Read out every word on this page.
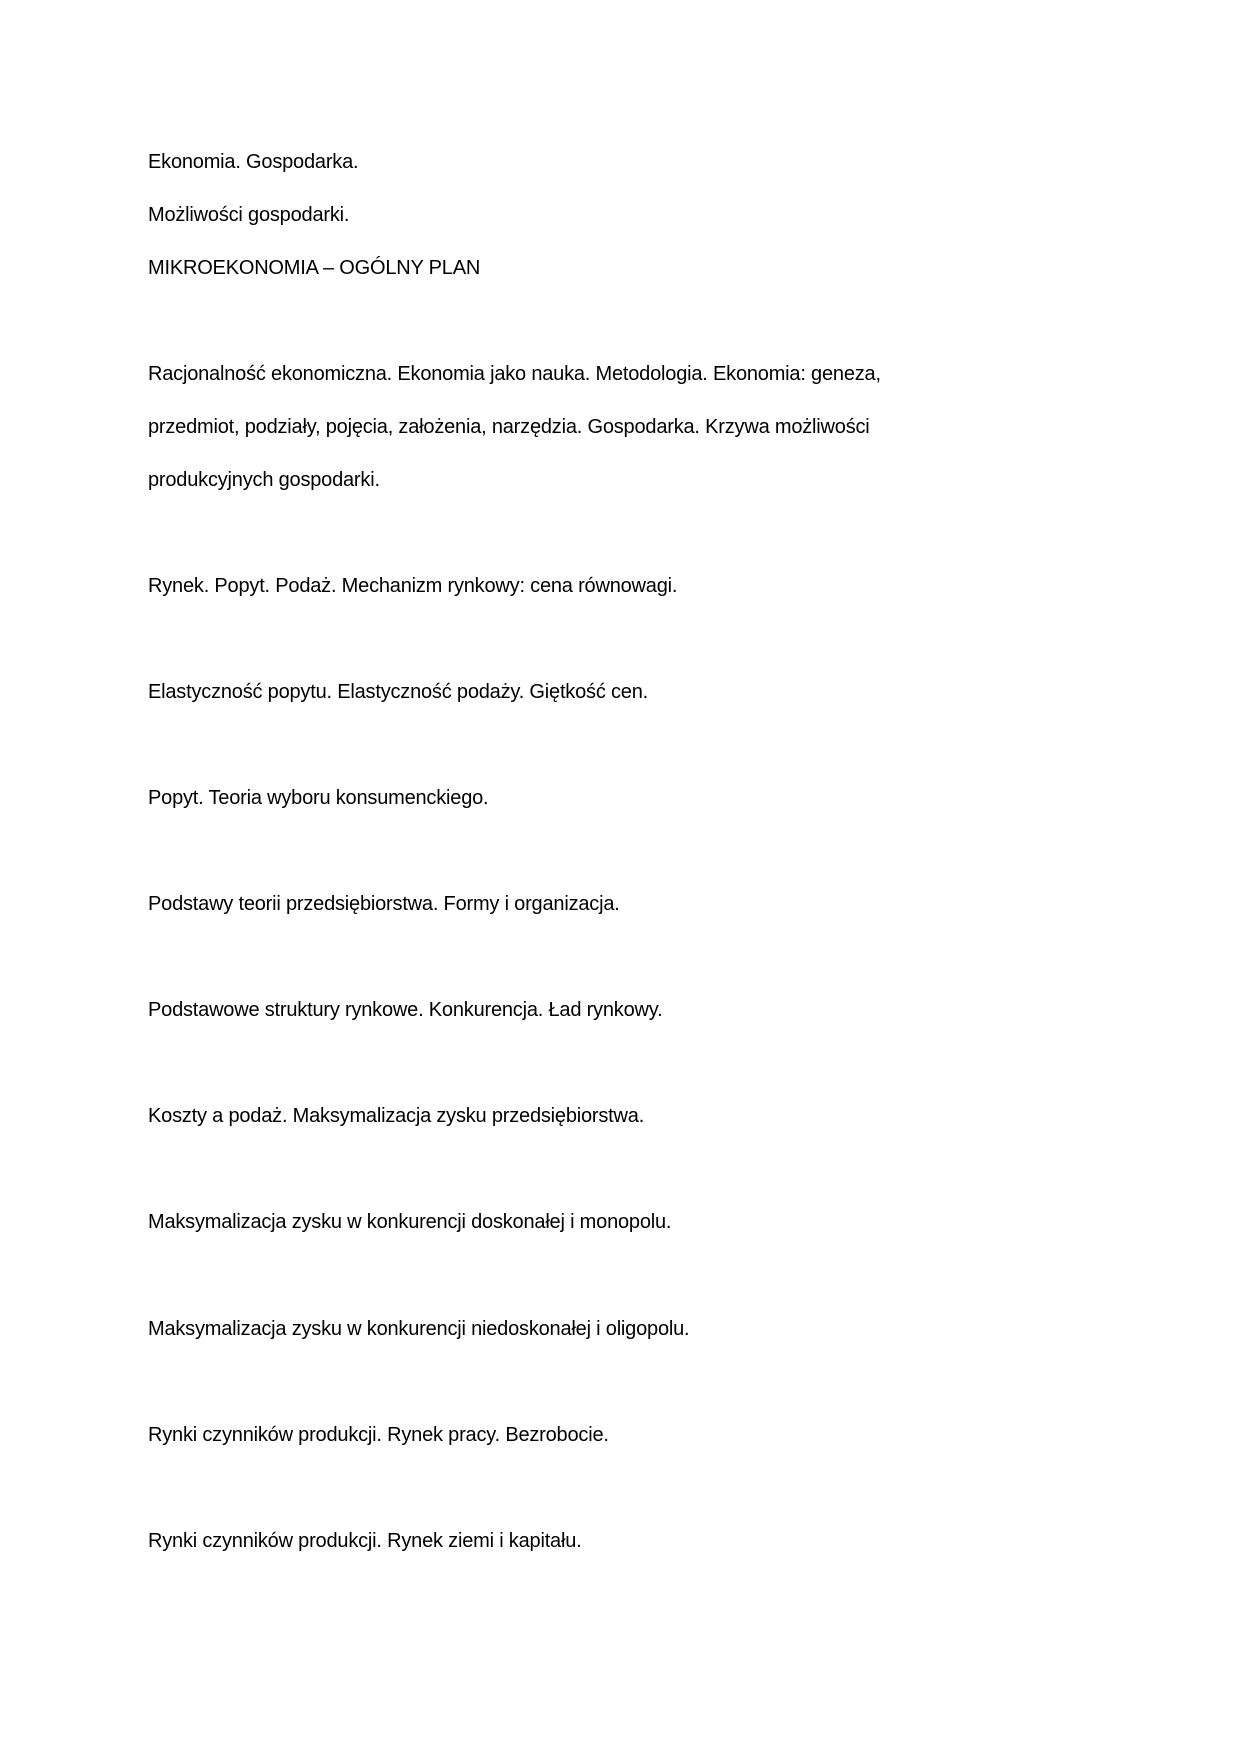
Ekonomia. Gospodarka.

Możliwości gospodarki.

MIKROEKONOMIA – OGÓLNY PLAN

Racjonalność ekonomiczna. Ekonomia jako nauka. Metodologia. Ekonomia: geneza,

przedmiot, podziały, pojęcia, założenia, narzędzia. Gospodarka. Krzywa możliwości

produkcyjnych gospodarki.

Rynek. Popyt. Podaż. Mechanizm rynkowy: cena równowagi.

Elastyczność popytu. Elastyczność podaży. Giętkość cen.

Popyt. Teoria wyboru konsumenckiego.

Podstawy teorii przedsiębiorstwa. Formy i organizacja.

Podstawowe struktury rynkowe. Konkurencja. Ład rynkowy.

Koszty a podaż. Maksymalizacja zysku przedsiębiorstwa.

Maksymalizacja zysku w konkurencji doskonałej i monopolu.

Maksymalizacja zysku w konkurencji niedoskonałej i oligopolu.

Rynki czynników produkcji. Rynek pracy. Bezrobocie.

Rynki czynników produkcji. Rynek ziemi i kapitału.
